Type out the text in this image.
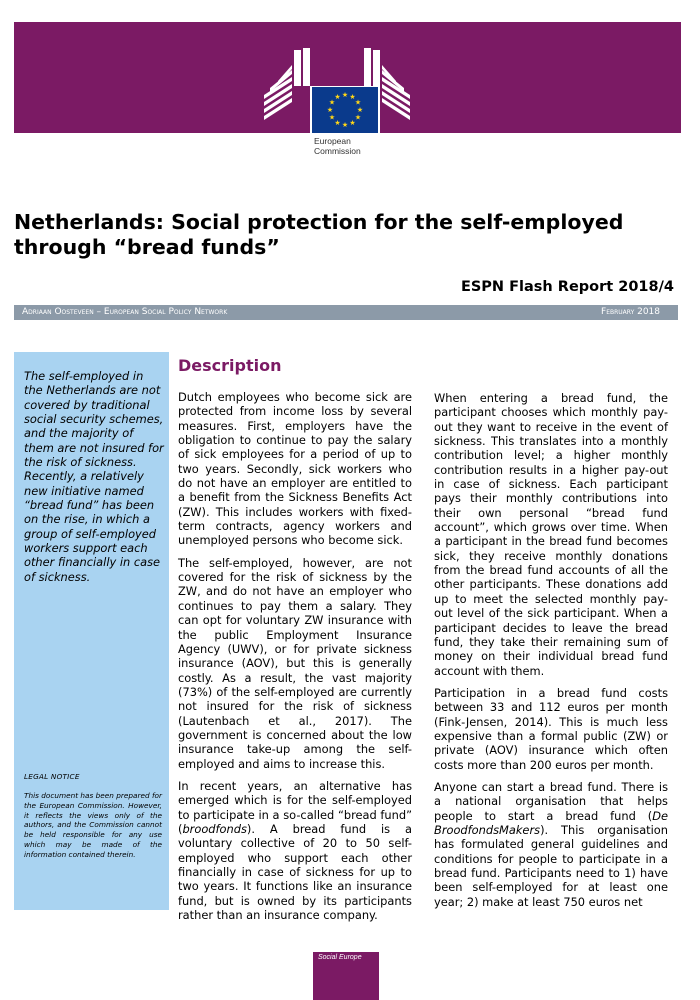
★ ★
★
★
★
★
★
★
★
★
★
★
European
Commission
Netherlands: Social protection for the self-employed
through “bread funds”
ESPN Flash Report 2018/4
Adriaan Oosteveen – European Social Policy Network	February 2018

The self-employed in the Netherlands are not covered by traditional social security schemes, and the majority of them are not insured for the risk of sickness. Recently, a relatively new initiative named “bread fund” has been on the rise, in which a group of self-employed workers support each other financially in case of sickness.

LEGAL NOTICE

This document has been prepared for the European Commission. However, it reflects the views only of the authors, and the Commission cannot be held responsible for any use which may be made of the information contained therein.

Description

Dutch employees who become sick are protected from income loss by several measures. First, employers have the obligation to continue to pay the salary of sick employees for a period of up to two years. Secondly, sick workers who do not have an employer are entitled to a benefit from the Sickness Benefits Act (ZW). This includes workers with fixed-term contracts, agency workers and unemployed persons who become sick.

The self-employed, however, are not covered for the risk of sickness by the ZW, and do not have an employer who continues to pay them a salary. They can opt for voluntary ZW insurance with the public Employment Insurance Agency (UWV), or for private sickness insurance (AOV), but this is generally costly. As a result, the vast majority (73%) of the self-employed are currently not insured for the risk of sickness (Lautenbach et al., 2017). The government is concerned about the low insurance take-up among the self-employed and aims to increase this.

In recent years, an alternative has emerged which is for the self-employed to participate in a so-called “bread fund” (broodfonds). A bread fund is a voluntary collective of 20 to 50 self-employed who support each other financially in case of sickness for up to two years. It functions like an insurance fund, but is owned by its participants rather than an insurance company.

When entering a bread fund, the participant chooses which monthly pay-out they want to receive in the event of sickness. This translates into a monthly contribution level; a higher monthly contribution results in a higher pay-out in case of sickness. Each participant pays their monthly contributions into their own personal “bread fund account”, which grows over time. When a participant in the bread fund becomes sick, they receive monthly donations from the bread fund accounts of all the other participants. These donations add up to meet the selected monthly pay-out level of the sick participant. When a participant decides to leave the bread fund, they take their remaining sum of money on their individual bread fund account with them.

Participation in a bread fund costs between 33 and 112 euros per month (Fink-Jensen, 2014). This is much less expensive than a formal public (ZW) or private (AOV) insurance which often costs more than 200 euros per month.

Anyone can start a bread fund. There is a national organisation that helps people to start a bread fund (De BroodfondsMakers). This organisation has formulated general guidelines and conditions for people to participate in a bread fund. Participants need to 1) have been self-employed for at least one year; 2) make at least 750 euros net

Social Europe
